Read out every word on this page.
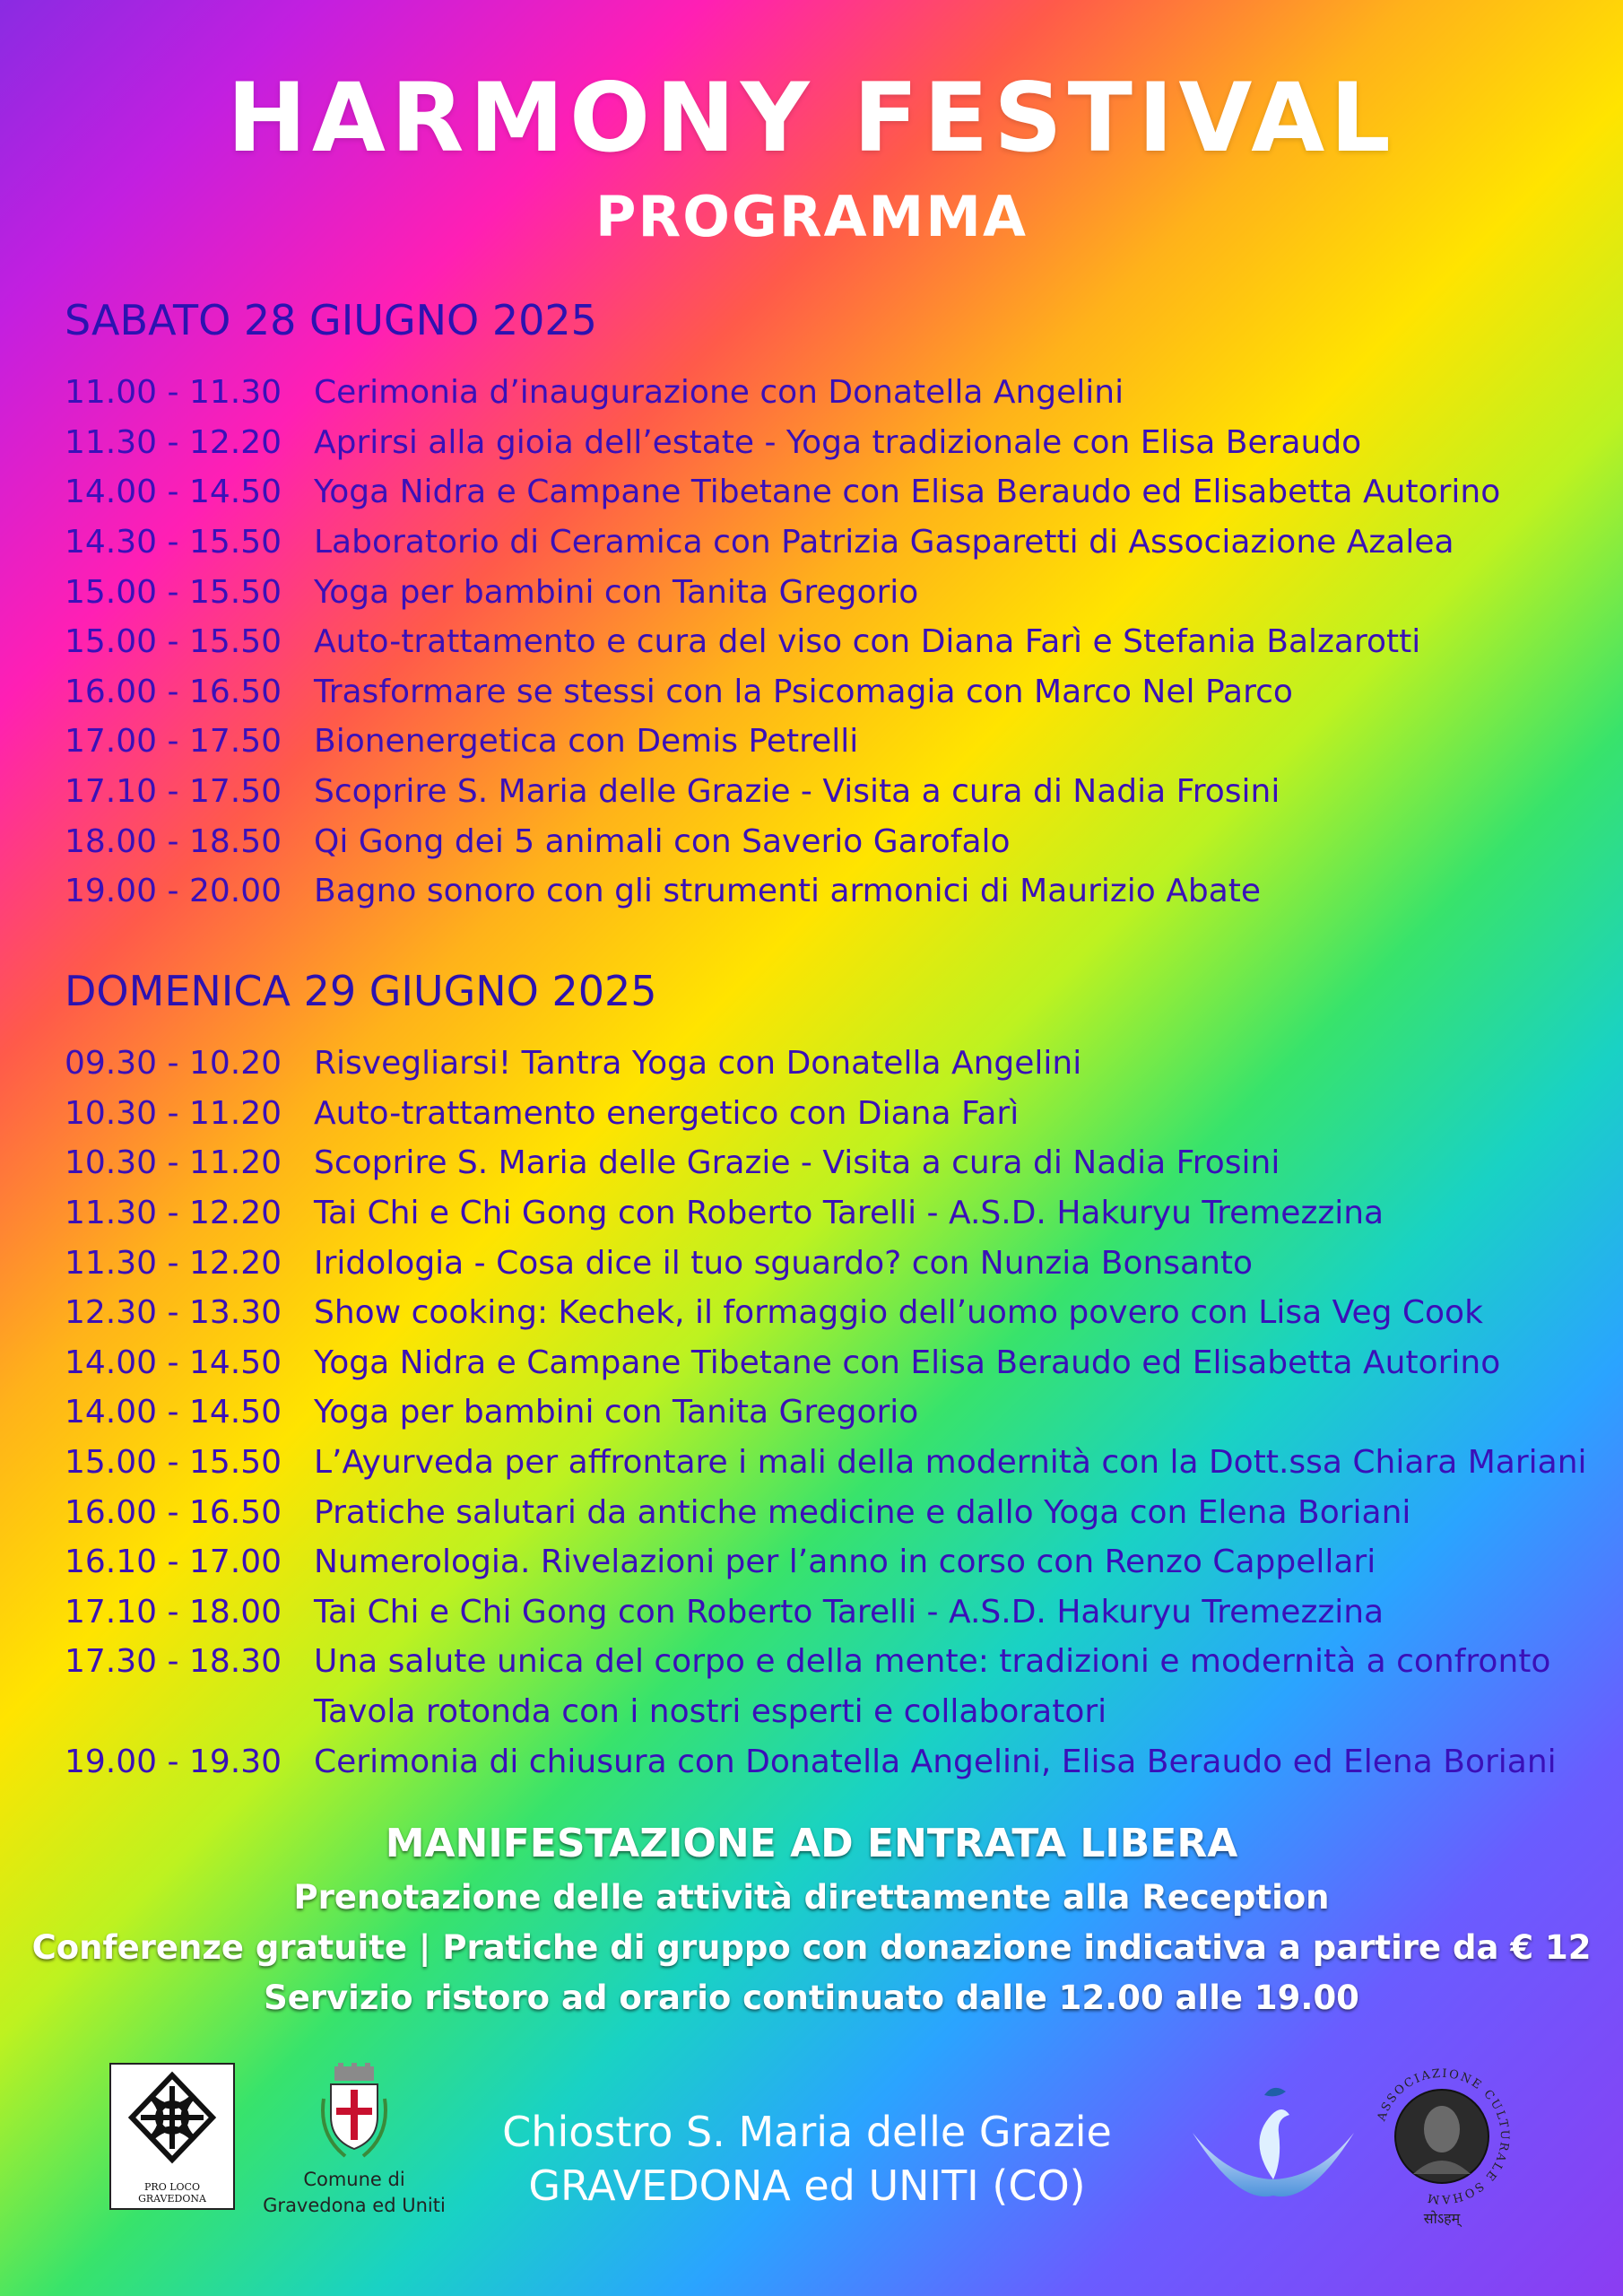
HARMONY FESTIVAL
PROGRAMMA
SABATO 28 GIUGNO 2025
11.00 - 11.30	Cerimonia d’inaugurazione con Donatella Angelini
11.30 - 12.20	Aprirsi alla gioia dell’estate - Yoga tradizionale con Elisa Beraudo
14.00 - 14.50	Yoga Nidra e Campane Tibetane con Elisa Beraudo ed Elisabetta Autorino
14.30 - 15.50	Laboratorio di Ceramica con Patrizia Gasparetti di Associazione Azalea
15.00 - 15.50	Yoga per bambini con Tanita Gregorio
15.00 - 15.50	Auto-trattamento e cura del viso con Diana Farì e Stefania Balzarotti
16.00 - 16.50	Trasformare se stessi con la Psicomagia con Marco Nel Parco
17.00 - 17.50	Bionenergetica con Demis Petrelli
17.10 - 17.50	Scoprire S. Maria delle Grazie - Visita a cura di Nadia Frosini
18.00 - 18.50	Qi Gong dei 5 animali con Saverio Garofalo
19.00 - 20.00	Bagno sonoro con gli strumenti armonici di Maurizio Abate
DOMENICA 29 GIUGNO 2025
09.30 - 10.20	Risvegliarsi! Tantra Yoga con Donatella Angelini
10.30 - 11.20	Auto-trattamento energetico con Diana Farì
10.30 - 11.20	Scoprire S. Maria delle Grazie - Visita a cura di Nadia Frosini
11.30 - 12.20	Tai Chi e Chi Gong con Roberto Tarelli - A.S.D. Hakuryu Tremezzina
11.30 - 12.20	Iridologia - Cosa dice il tuo sguardo? con Nunzia Bonsanto
12.30 - 13.30	Show cooking: Kechek, il formaggio dell’uomo povero con Lisa Veg Cook
14.00 - 14.50	Yoga Nidra e Campane Tibetane con Elisa Beraudo ed Elisabetta Autorino
14.00 - 14.50	Yoga per bambini con Tanita Gregorio
15.00 - 15.50	L’Ayurveda per affrontare i mali della modernità con la Dott.ssa Chiara Mariani
16.00 - 16.50	Pratiche salutari da antiche medicine e dallo Yoga con Elena Boriani
16.10 - 17.00	Numerologia. Rivelazioni per l’anno in corso con Renzo Cappellari
17.10 - 18.00	Tai Chi e Chi Gong con Roberto Tarelli - A.S.D. Hakuryu Tremezzina
17.30 - 18.30	Una salute unica del corpo e della mente: tradizioni e modernità a confronto
Tavola rotonda con i nostri esperti e collaboratori
19.00 - 19.30	Cerimonia di chiusura con Donatella Angelini, Elisa Beraudo ed Elena Boriani
MANIFESTAZIONE AD ENTRATA LIBERA
Prenotazione delle attività direttamente alla Reception
Conferenze gratuite | Pratiche di gruppo con donazione indicativa a partire da € 12
Servizio ristoro ad orario continuato dalle 12.00 alle 19.00
PRO LOCO GRAVEDONA
Comune di
Gravedona ed Uniti
Chiostro S. Maria delle Grazie
GRAVEDONA ed UNITI (CO)
ASSOCIAZIONE CULTURALE SOHAM
सोऽहम्
